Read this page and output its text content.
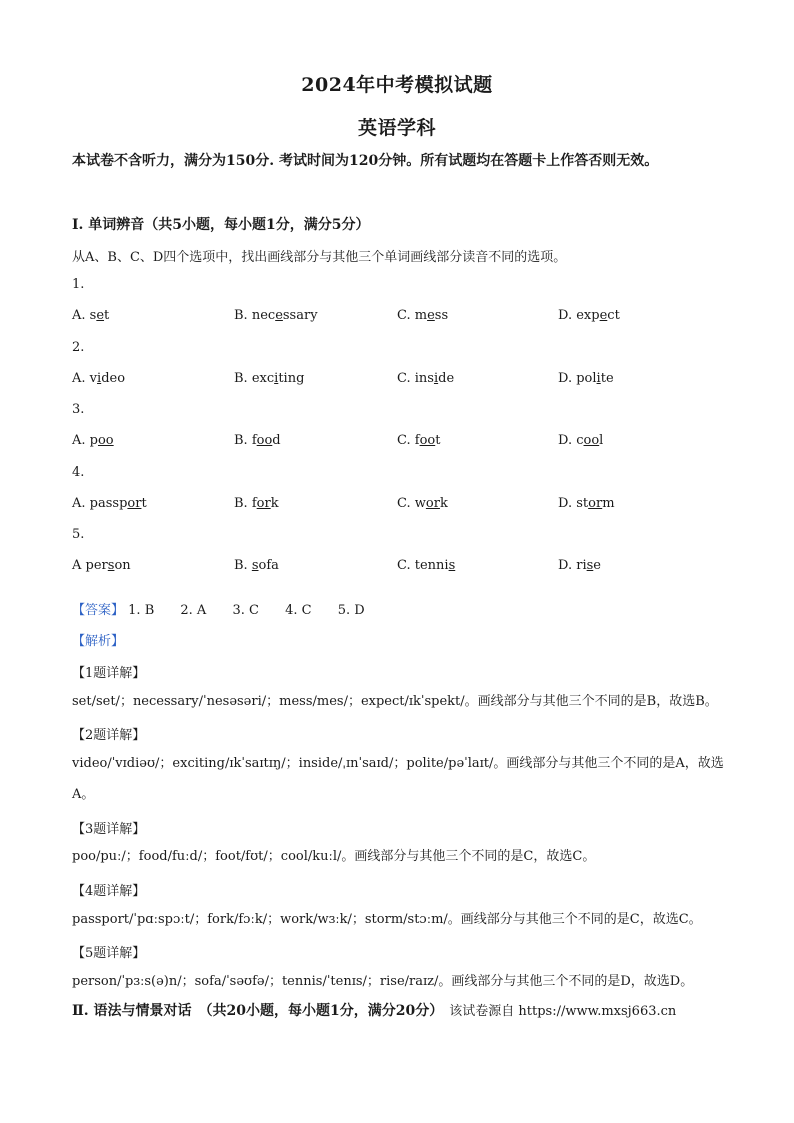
2024年中考模拟试题
英语学科
本试卷不含听力，满分为150分. 考试时间为120分钟。所有试题均在答题卡上作答否则无效。
Ⅰ. 单词辨音（共5小题，每小题1分，满分5分）
从A、B、C、D四个选项中，找出画线部分与其他三个单词画线部分读音不同的选项。
1.
A. set	B. necessary	C. mess	D. expect
2.
A. video	B. exciting	C. inside	D. polite
3.
A. poo	B. food	C. foot	D. cool
4.
A. passport	B. fork	C. work	D. storm
5.
A person	B. sofa	C. tennis	D. rise
【答案】 1. B 2. A 3. C 4. C 5. D
【解析】
【1题详解】
set/set/；necessary/ˈnesəsəri/；mess/mes/；expect/ɪkˈspekt/。画线部分与其他三个不同的是B，故选B。
【2题详解】
video/ˈvɪdiəʊ/；exciting/ɪkˈsaɪtɪŋ/；inside/ˌɪnˈsaɪd/；polite/pəˈlaɪt/。画线部分与其他三个不同的是A，故选A。
【3题详解】
poo/puː/；food/fuːd/；foot/fʊt/；cool/kuːl/。画线部分与其他三个不同的是C，故选C。
【4题详解】
passport/ˈpɑːspɔːt/；fork/fɔːk/；work/wɜːk/；storm/stɔːm/。画线部分与其他三个不同的是C，故选C。
【5题详解】
person/ˈpɜːs(ə)n/；sofa/ˈsəʊfə/；tennis/ˈtenɪs/；rise/raɪz/。画线部分与其他三个不同的是D，故选D。
Ⅱ. 语法与情景对话　（共20小题，每小题1分，满分20分） 该试卷源自 https://www.mxsj663.cn
